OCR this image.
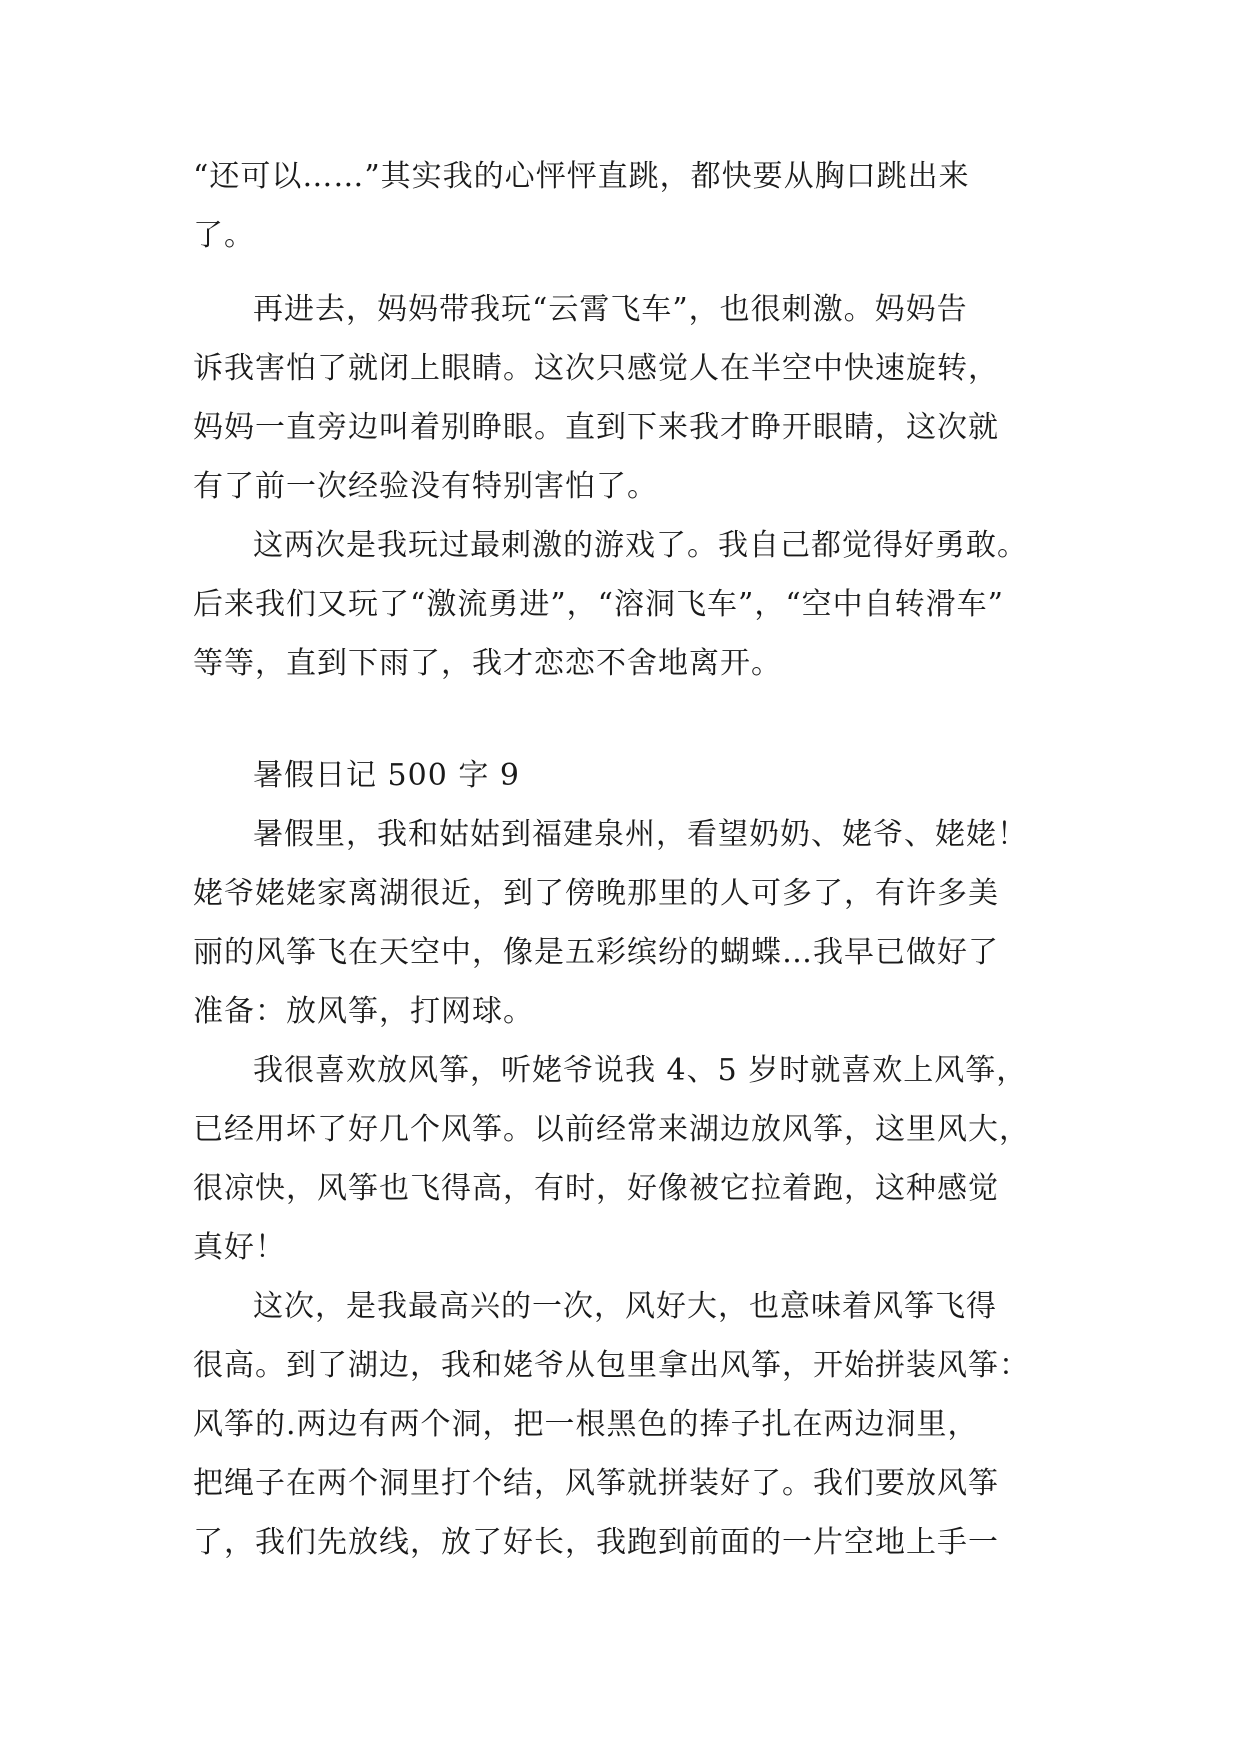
“还可以……”其实我的心怦怦直跳，都快要从胸口跳出来
了。
再进去，妈妈带我玩“云霄飞车”，也很刺激。妈妈告
诉我害怕了就闭上眼睛。这次只感觉人在半空中快速旋转，
妈妈一直旁边叫着别睁眼。直到下来我才睁开眼睛，这次就
有了前一次经验没有特别害怕了。
这两次是我玩过最刺激的游戏了。我自己都觉得好勇敢。
后来我们又玩了“激流勇进”，“溶洞飞车”，“空中自转滑车”
等等，直到下雨了，我才恋恋不舍地离开。
暑假日记 500 字 9
暑假里，我和姑姑到福建泉州，看望奶奶、姥爷、姥姥！
姥爷姥姥家离湖很近，到了傍晚那里的人可多了，有许多美
丽的风筝飞在天空中，像是五彩缤纷的蝴蝶…我早已做好了
准备：放风筝，打网球。
我很喜欢放风筝，听姥爷说我 4、5 岁时就喜欢上风筝，
已经用坏了好几个风筝。以前经常来湖边放风筝，这里风大，
很凉快，风筝也飞得高，有时，好像被它拉着跑，这种感觉
真好！
这次，是我最高兴的一次，风好大，也意味着风筝飞得
很高。到了湖边，我和姥爷从包里拿出风筝，开始拼装风筝：
风筝的.两边有两个洞，把一根黑色的捧子扎在两边洞里，
把绳子在两个洞里打个结，风筝就拼装好了。我们要放风筝
了，我们先放线，放了好长，我跑到前面的一片空地上手一
